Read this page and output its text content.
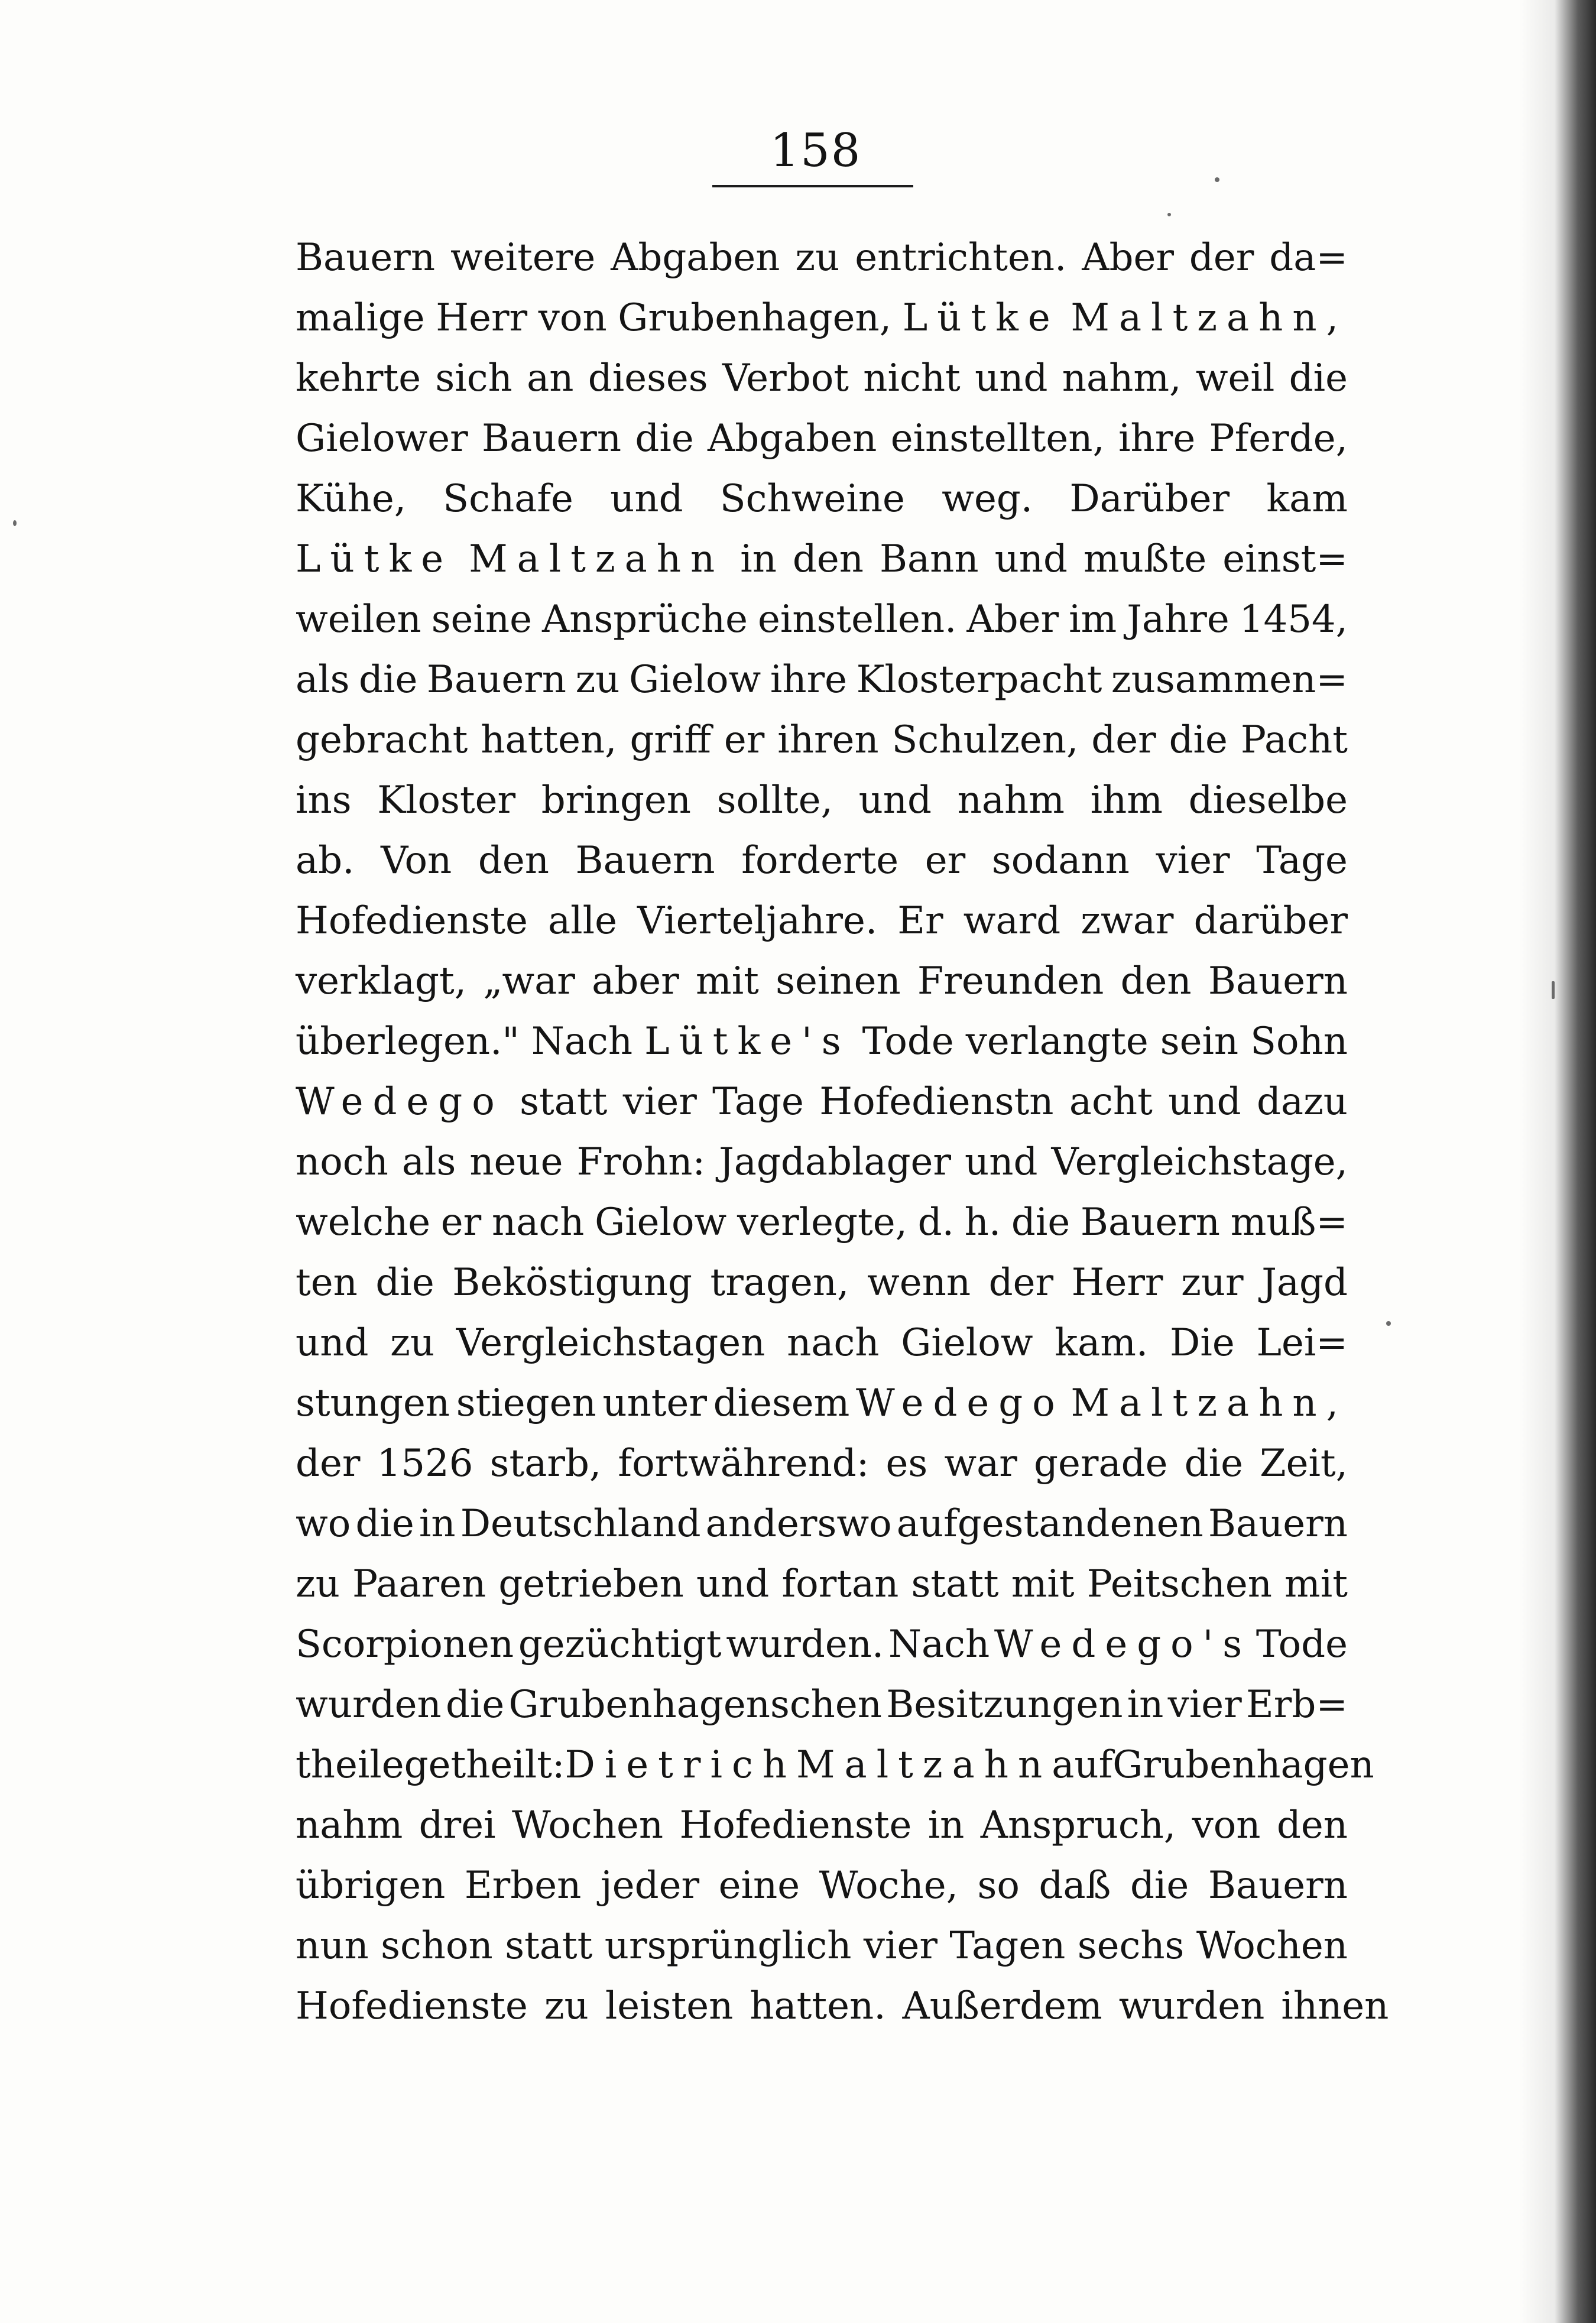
158
Bauern weitere Abgaben zu entrichten. Aber der da=
malige Herr von Grubenhagen, Lütke Maltzahn,
kehrte sich an dieses Verbot nicht und nahm, weil die
Gielower Bauern die Abgaben einstellten, ihre Pferde,
Kühe, Schafe und Schweine weg. Darüber kam
Lütke Maltzahn in den Bann und mußte einst=
weilen seine Ansprüche einstellen. Aber im Jahre 1454,
als die Bauern zu Gielow ihre Klosterpacht zusammen=
gebracht hatten, griff er ihren Schulzen, der die Pacht
ins Kloster bringen sollte, und nahm ihm dieselbe
ab. Von den Bauern forderte er sodann vier Tage
Hofedienste alle Vierteljahre. Er ward zwar darüber
verklagt, „war aber mit seinen Freunden den Bauern
überlegen." Nach Lütke's Tode verlangte sein Sohn
Wedego statt vier Tage Hofedienstn acht und dazu
noch als neue Frohn: Jagdablager und Vergleichstage,
welche er nach Gielow verlegte, d. h. die Bauern muß=
ten die Beköstigung tragen, wenn der Herr zur Jagd
und zu Vergleichstagen nach Gielow kam. Die Lei=
stungen stiegen unter diesem Wedego Maltzahn,
der 1526 starb, fortwährend: es war gerade die Zeit,
wo die in Deutschland anderswo aufgestandenen Bauern
zu Paaren getrieben und fortan statt mit Peitschen mit
Scorpionen gezüchtigt wurden. Nach Wedego's Tode
wurden die Grubenhagenschen Besitzungen in vier Erb=
theile getheilt: Dietrich Maltzahn auf Grubenhagen
nahm drei Wochen Hofedienste in Anspruch, von den
übrigen Erben jeder eine Woche, so daß die Bauern
nun schon statt ursprünglich vier Tagen sechs Wochen
Hofedienste zu leisten hatten. Außerdem wurden ihnen
